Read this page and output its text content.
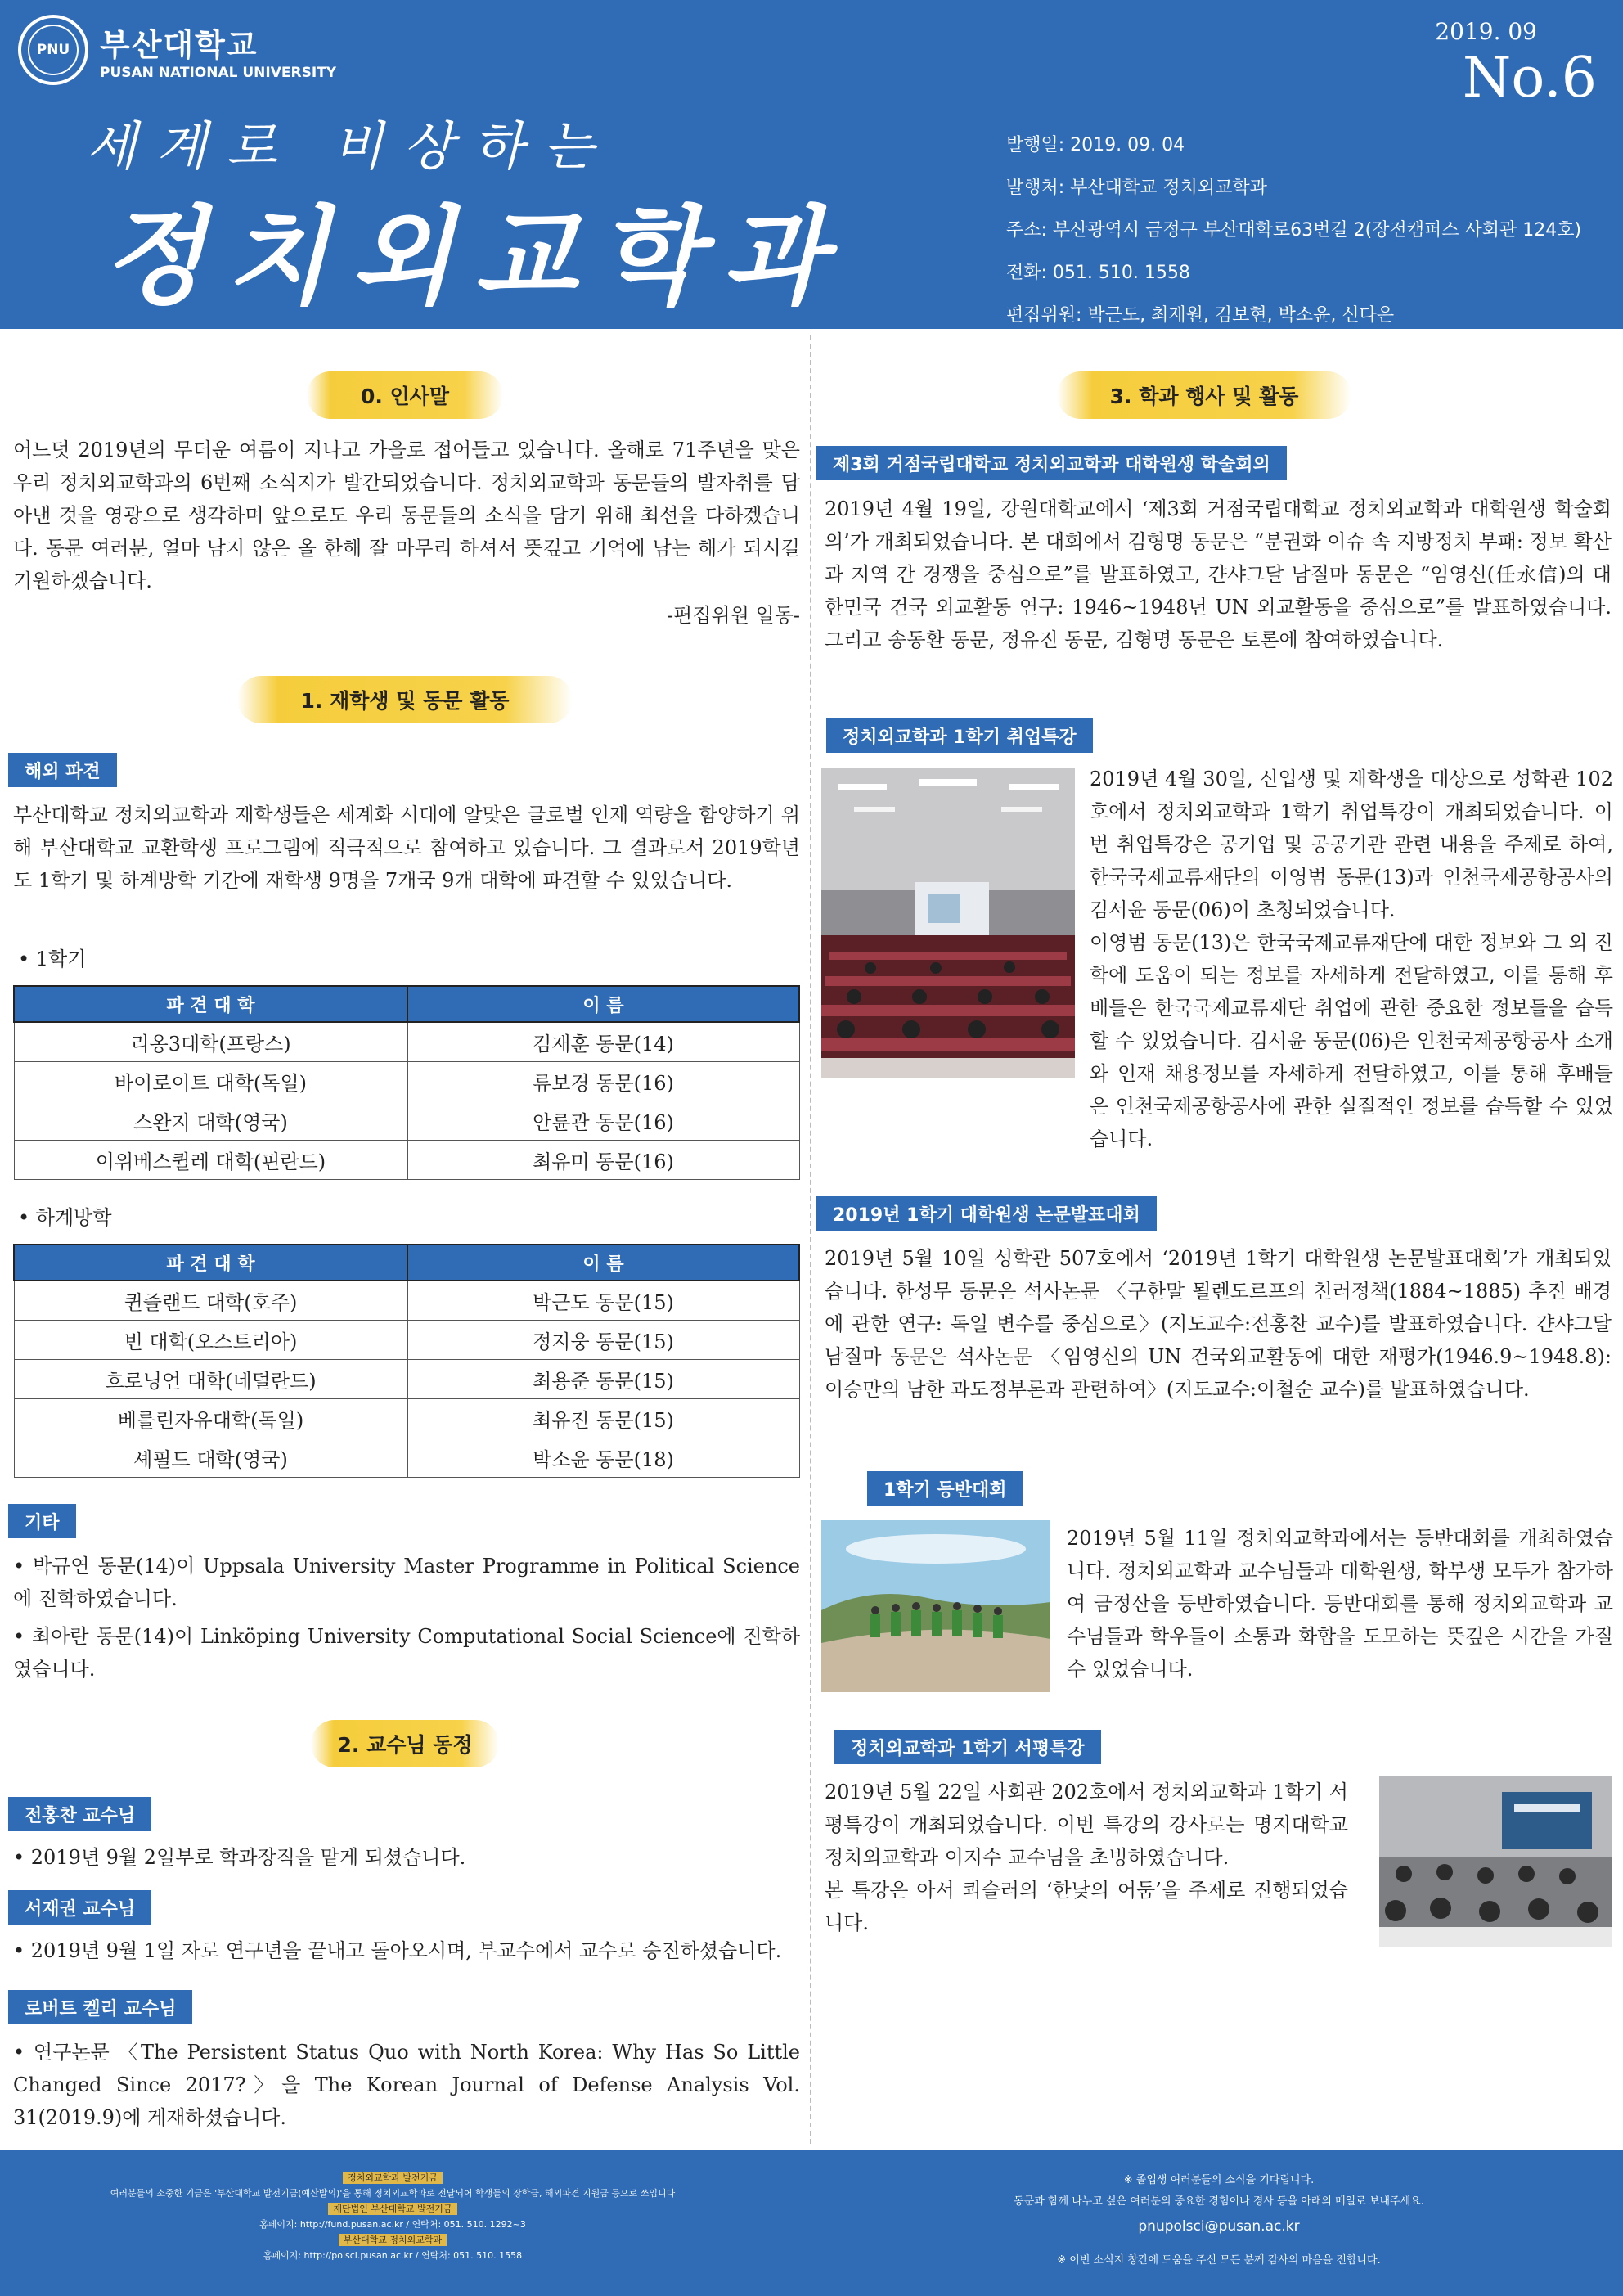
PNU 부산대학교
PUSAN NATIONAL UNIVERSITY
2019. 09
No.6
세계로 비상하는
정치외교학과
발행일: 2019. 09. 04
발행처: 부산대학교 정치외교학과
주소: 부산광역시 금정구 부산대학로63번길 2(장전캠퍼스 사회관 124호)
전화: 051. 510. 1558
편집위원: 박근도, 최재원, 김보현, 박소윤, 신다은
0. 인사말
어느덧 2019년의 무더운 여름이 지나고 가을로 접어들고 있습니다. 올해로 71주년을 맞은 우리 정치외교학과의 6번째 소식지가 발간되었습니다. 정치외교학과 동문들의 발자취를 담아낸 것을 영광으로 생각하며 앞으로도 우리 동문들의 소식을 담기 위해 최선을 다하겠습니다. 동문 여러분, 얼마 남지 않은 올 한해 잘 마무리 하셔서 뜻깊고 기억에 남는 해가 되시길 기원하겠습니다.
-편집위원 일동-
1. 재학생 및 동문 활동
해외 파견
부산대학교 정치외교학과 재학생들은 세계화 시대에 알맞은 글로벌 인재 역량을 함양하기 위해 부산대학교 교환학생 프로그램에 적극적으로 참여하고 있습니다. 그 결과로서 2019학년도 1학기 및 하계방학 기간에 재학생 9명을 7개국 9개 대학에 파견할 수 있었습니다.
• 1학기
파 견 대 학	이 름
리옹3대학(프랑스)	김재훈 동문(14)
바이로이트 대학(독일)	류보경 동문(16)
스완지 대학(영국)	안륜관 동문(16)
이위베스퀼레 대학(핀란드)	최유미 동문(16)
• 하계방학
파 견 대 학	이 름
퀸즐랜드 대학(호주)	박근도 동문(15)
빈 대학(오스트리아)	정지웅 동문(15)
흐로닝언 대학(네덜란드)	최용준 동문(15)
베를린자유대학(독일)	최유진 동문(15)
셰필드 대학(영국)	박소윤 동문(18)
기타
• 박규연 동문(14)이 Uppsala University Master Programme in Political Science에 진학하였습니다.
• 최아란 동문(14)이 Linköping University Computational Social Science에 진학하였습니다.
2. 교수님 동정
전홍찬 교수님
• 2019년 9월 2일부로 학과장직을 맡게 되셨습니다.
서재권 교수님
• 2019년 9월 1일 자로 연구년을 끝내고 돌아오시며, 부교수에서 교수로 승진하셨습니다.
로버트 켈리 교수님
• 연구논문 〈The Persistent Status Quo with North Korea: Why Has So Little Changed Since 2017?〉을 The Korean Journal of Defense Analysis Vol. 31(2019.9)에 게재하셨습니다.
3. 학과 행사 및 활동
제3회 거점국립대학교 정치외교학과 대학원생 학술회의
2019년 4월 19일, 강원대학교에서 ‘제3회 거점국립대학교 정치외교학과 대학원생 학술회의’가 개최되었습니다. 본 대회에서 김형명 동문은 “분권화 이슈 속 지방정치 부패: 정보 확산과 지역 간 경쟁을 중심으로”를 발표하였고, 갼샤그달 남질마 동문은 “임영신(任永信)의 대한민국 건국 외교활동 연구: 1946~1948년 UN 외교활동을 중심으로”를 발표하였습니다. 그리고 송동환 동문, 정유진 동문, 김형명 동문은 토론에 참여하였습니다.
정치외교학과 1학기 취업특강
2019년 4월 30일, 신입생 및 재학생을 대상으로 성학관 102호에서 정치외교학과 1학기 취업특강이 개최되었습니다. 이번 취업특강은 공기업 및 공공기관 관련 내용을 주제로 하여, 한국국제교류재단의 이영범 동문(13)과 인천국제공항공사의 김서윤 동문(06)이 초청되었습니다.
이영범 동문(13)은 한국국제교류재단에 대한 정보와 그 외 진학에 도움이 되는 정보를 자세하게 전달하였고, 이를 통해 후배들은 한국국제교류재단 취업에 관한 중요한 정보들을 습득할 수 있었습니다. 김서윤 동문(06)은 인천국제공항공사 소개와 인재 채용정보를 자세하게 전달하였고, 이를 통해 후배들은 인천국제공항공사에 관한 실질적인 정보를 습득할 수 있었습니다.
2019년 1학기 대학원생 논문발표대회
2019년 5월 10일 성학관 507호에서 ‘2019년 1학기 대학원생 논문발표대회’가 개최되었습니다. 한성무 동문은 석사논문 〈구한말 묄렌도르프의 친러정책(1884~1885) 추진 배경에 관한 연구: 독일 변수를 중심으로〉(지도교수:전홍찬 교수)를 발표하였습니다. 갼샤그달 남질마 동문은 석사논문 〈임영신의 UN 건국외교활동에 대한 재평가(1946.9~1948.8): 이승만의 남한 과도정부론과 관련하여〉(지도교수:이철순 교수)를 발표하였습니다.
1학기 등반대회
2019년 5월 11일 정치외교학과에서는 등반대회를 개최하였습니다. 정치외교학과 교수님들과 대학원생, 학부생 모두가 참가하여 금정산을 등반하였습니다. 등반대회를 통해 정치외교학과 교수님들과 학우들이 소통과 화합을 도모하는 뜻깊은 시간을 가질 수 있었습니다.
정치외교학과 1학기 서평특강
2019년 5월 22일 사회관 202호에서 정치외교학과 1학기 서평특강이 개최되었습니다. 이번 특강의 강사로는 명지대학교 정치외교학과 이지수 교수님을 초빙하였습니다.
본 특강은 아서 쾨슬러의 ‘한낮의 어둠’을 주제로 진행되었습니다.
정치외교학과 발전기금
여러분들의 소중한 기금은 '부산대학교 발전기금(예산발의)'을 통해 정치외교학과로 전달되어 학생들의 장학금, 해외파견 지원금 등으로 쓰입니다
재단법인 부산대학교 발전기금
홈페이지: http://fund.pusan.ac.kr / 연락처: 051. 510. 1292~3
부산대학교 정치외교학과
홈페이지: http://polsci.pusan.ac.kr / 연락처: 051. 510. 1558
※ 졸업생 여러분들의 소식을 기다립니다.
동문과 함께 나누고 싶은 여러분의 중요한 경험이나 경사 등을 아래의 메일로 보내주세요.
pnupolsci@pusan.ac.kr
※ 이번 소식지 창간에 도움을 주신 모든 분께 감사의 마음을 전합니다.
